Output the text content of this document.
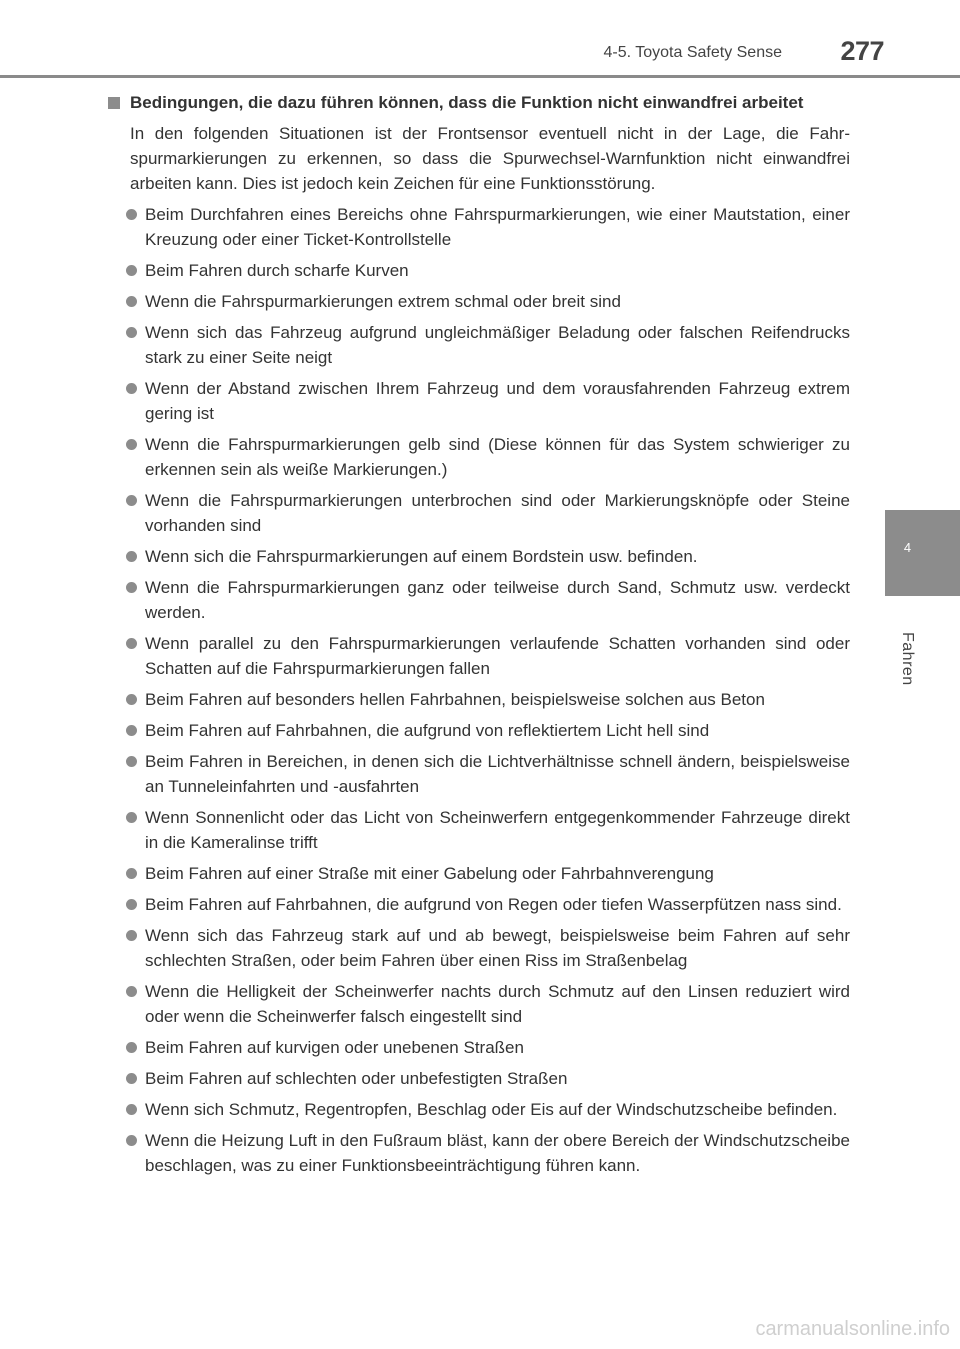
4-5. Toyota Safety Sense	277
4
Fahren
Bedingungen, die dazu führen können, dass die Funktion nicht einwandfrei arbeitet
In den folgenden Situationen ist der Frontsensor eventuell nicht in der Lage, die Fahrspurmarkierungen zu erkennen, so dass die Spurwechsel-Warnfunktion nicht einwandfrei arbeiten kann. Dies ist jedoch kein Zeichen für eine Funktionsstörung.
Beim Durchfahren eines Bereichs ohne Fahrspurmarkierungen, wie einer Mautstation, einer Kreuzung oder einer Ticket-Kontrollstelle
Beim Fahren durch scharfe Kurven
Wenn die Fahrspurmarkierungen extrem schmal oder breit sind
Wenn sich das Fahrzeug aufgrund ungleichmäßiger Beladung oder falschen Reifendrucks stark zu einer Seite neigt
Wenn der Abstand zwischen Ihrem Fahrzeug und dem vorausfahrenden Fahrzeug extrem gering ist
Wenn die Fahrspurmarkierungen gelb sind (Diese können für das System schwieriger zu erkennen sein als weiße Markierungen.)
Wenn die Fahrspurmarkierungen unterbrochen sind oder Markierungsknöpfe oder Steine vorhanden sind
Wenn sich die Fahrspurmarkierungen auf einem Bordstein usw. befinden.
Wenn die Fahrspurmarkierungen ganz oder teilweise durch Sand, Schmutz usw. verdeckt werden.
Wenn parallel zu den Fahrspurmarkierungen verlaufende Schatten vorhanden sind oder Schatten auf die Fahrspurmarkierungen fallen
Beim Fahren auf besonders hellen Fahrbahnen, beispielsweise solchen aus Beton
Beim Fahren auf Fahrbahnen, die aufgrund von reflektiertem Licht hell sind
Beim Fahren in Bereichen, in denen sich die Lichtverhältnisse schnell ändern, beispielsweise an Tunneleinfahrten und -ausfahrten
Wenn Sonnenlicht oder das Licht von Scheinwerfern entgegenkommender Fahrzeuge direkt in die Kameralinse trifft
Beim Fahren auf einer Straße mit einer Gabelung oder Fahrbahnverengung
Beim Fahren auf Fahrbahnen, die aufgrund von Regen oder tiefen Wasserpfützen nass sind.
Wenn sich das Fahrzeug stark auf und ab bewegt, beispielsweise beim Fahren auf sehr schlechten Straßen, oder beim Fahren über einen Riss im Straßenbelag
Wenn die Helligkeit der Scheinwerfer nachts durch Schmutz auf den Linsen reduziert wird oder wenn die Scheinwerfer falsch eingestellt sind
Beim Fahren auf kurvigen oder unebenen Straßen
Beim Fahren auf schlechten oder unbefestigten Straßen
Wenn sich Schmutz, Regentropfen, Beschlag oder Eis auf der Windschutzscheibe befinden.
Wenn die Heizung Luft in den Fußraum bläst, kann der obere Bereich der Windschutzscheibe beschlagen, was zu einer Funktionsbeeinträchtigung führen kann.
carmanualsonline.info
